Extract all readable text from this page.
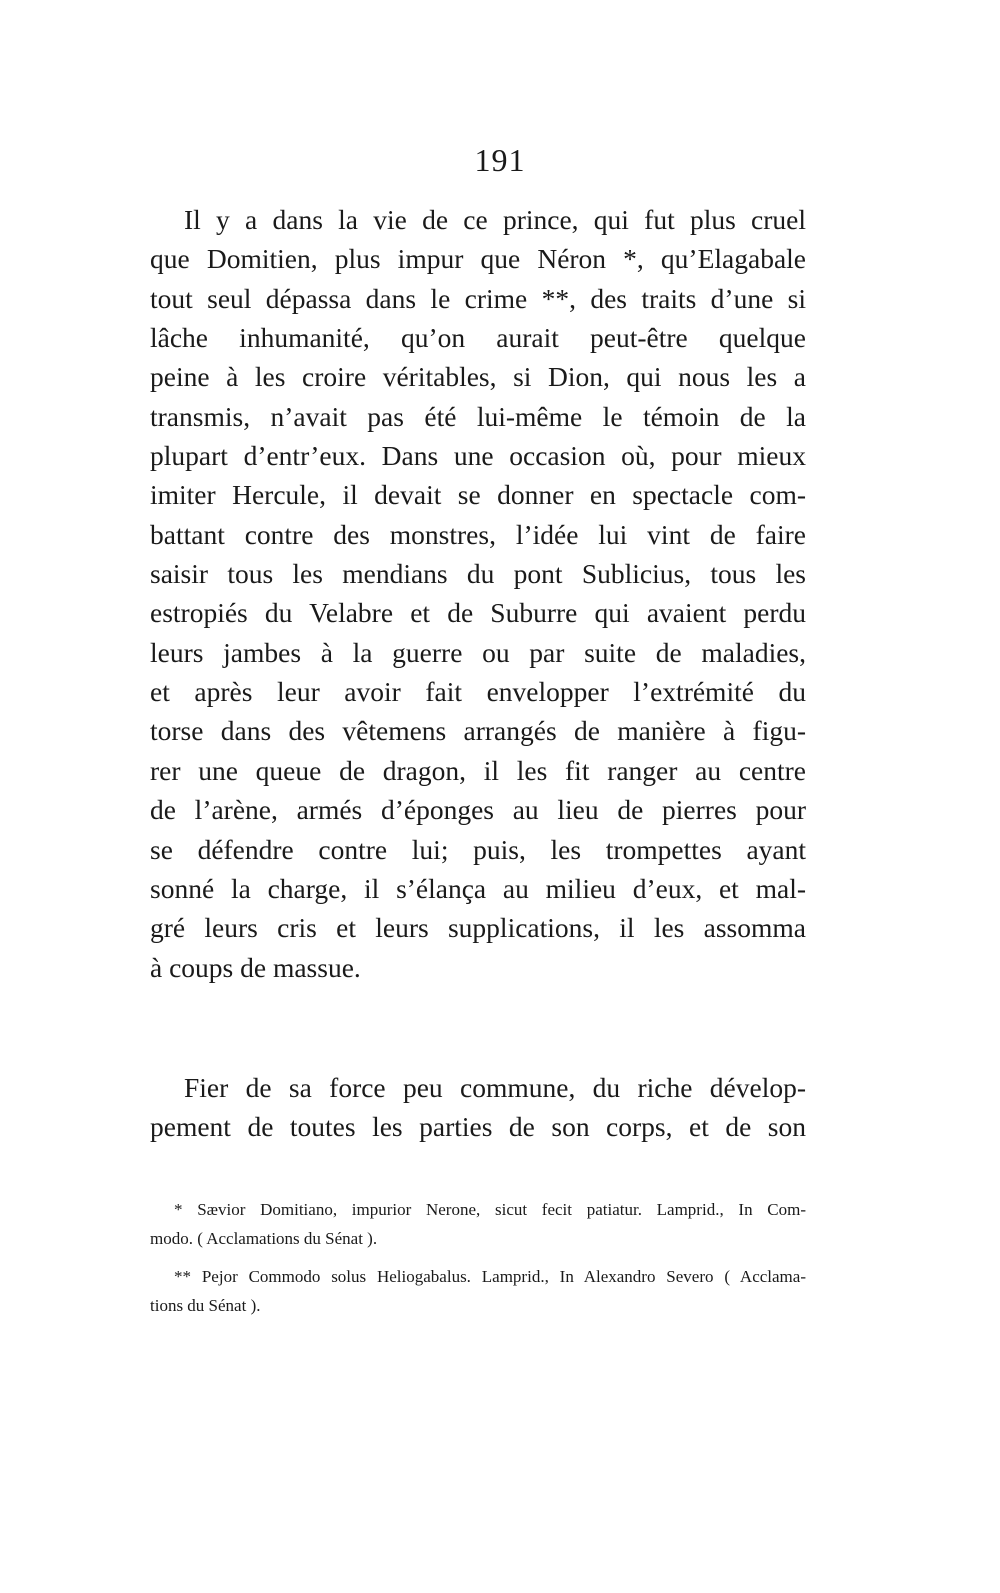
191
Il y a dans la vie de ce prince, qui fut plus cruel
que Domitien, plus impur que Néron *, qu’Elagabale
tout seul dépassa dans le crime **, des traits d’une si
lâche inhumanité, qu’on aurait peut-être quelque
peine à les croire véritables, si Dion, qui nous les a
transmis, n’avait pas été lui-même le témoin de la
plupart d’entr’eux. Dans une occasion où, pour mieux
imiter Hercule, il devait se donner en spectacle com-
battant contre des monstres, l’idée lui vint de faire
saisir tous les mendians du pont Sublicius, tous les
estropiés du Velabre et de Suburre qui avaient perdu
leurs jambes à la guerre ou par suite de maladies,
et après leur avoir fait envelopper l’extrémité du
torse dans des vêtemens arrangés de manière à figu-
rer une queue de dragon, il les fit ranger au centre
de l’arène, armés d’éponges au lieu de pierres pour
se défendre contre lui; puis, les trompettes ayant
sonné la charge, il s’élança au milieu d’eux, et mal-
gré leurs cris et leurs supplications, il les assomma
à coups de massue.
Fier de sa force peu commune, du riche dévelop-
pement de toutes les parties de son corps, et de son
* Sævior Domitiano, impurior Nerone, sicut fecit patiatur. Lamprid., In Com-
modo. ( Acclamations du Sénat ).
** Pejor Commodo solus Heliogabalus. Lamprid., In Alexandro Severo ( Acclama-
tions du Sénat ).
